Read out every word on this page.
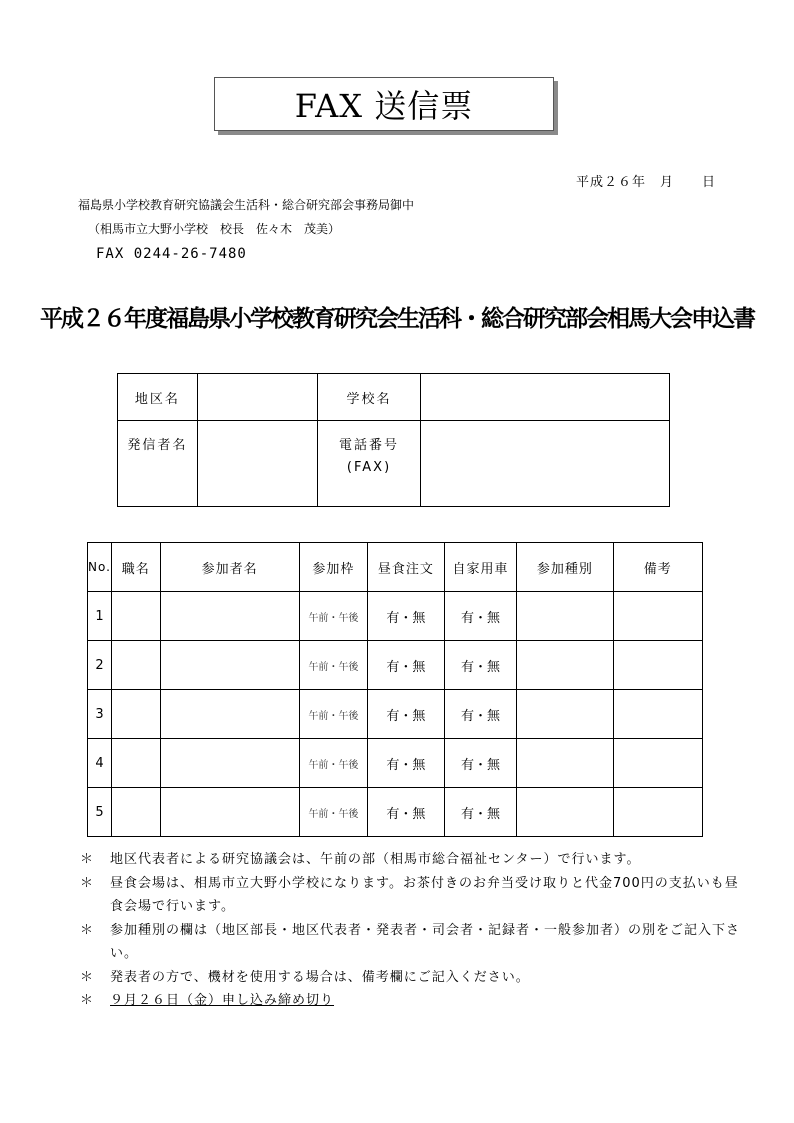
FAX 送信票
平成２６年　月　　日
福島県小学校教育研究協議会生活科・総合研究部会事務局御中
（相馬市立大野小学校　校長　佐々木　茂美）
FAX 0244-26-7480
平成２６年度福島県小学校教育研究会生活科・総合研究部会相馬大会申込書
地区名		学校名	
発信者名		電話番号
(FAX)	

No.	職名	参加者名	参加枠	昼食注文	自家用車	参加種別	備考
1			午前・午後	有・無	有・無		
2			午前・午後	有・無	有・無		
3			午前・午後	有・無	有・無		
4			午前・午後	有・無	有・無		
5			午前・午後	有・無	有・無		
＊	地区代表者による研究協議会は、午前の部（相馬市総合福祉センター）で行います。
＊	昼食会場は、相馬市立大野小学校になります。お茶付きのお弁当受け取りと代金700円の支払いも昼食会場で行います。
＊	参加種別の欄は（地区部長・地区代表者・発表者・司会者・記録者・一般参加者）の別をご記入下さい。
＊	発表者の方で、機材を使用する場合は、備考欄にご記入ください。
＊	９月２６日（金）申し込み締め切り
